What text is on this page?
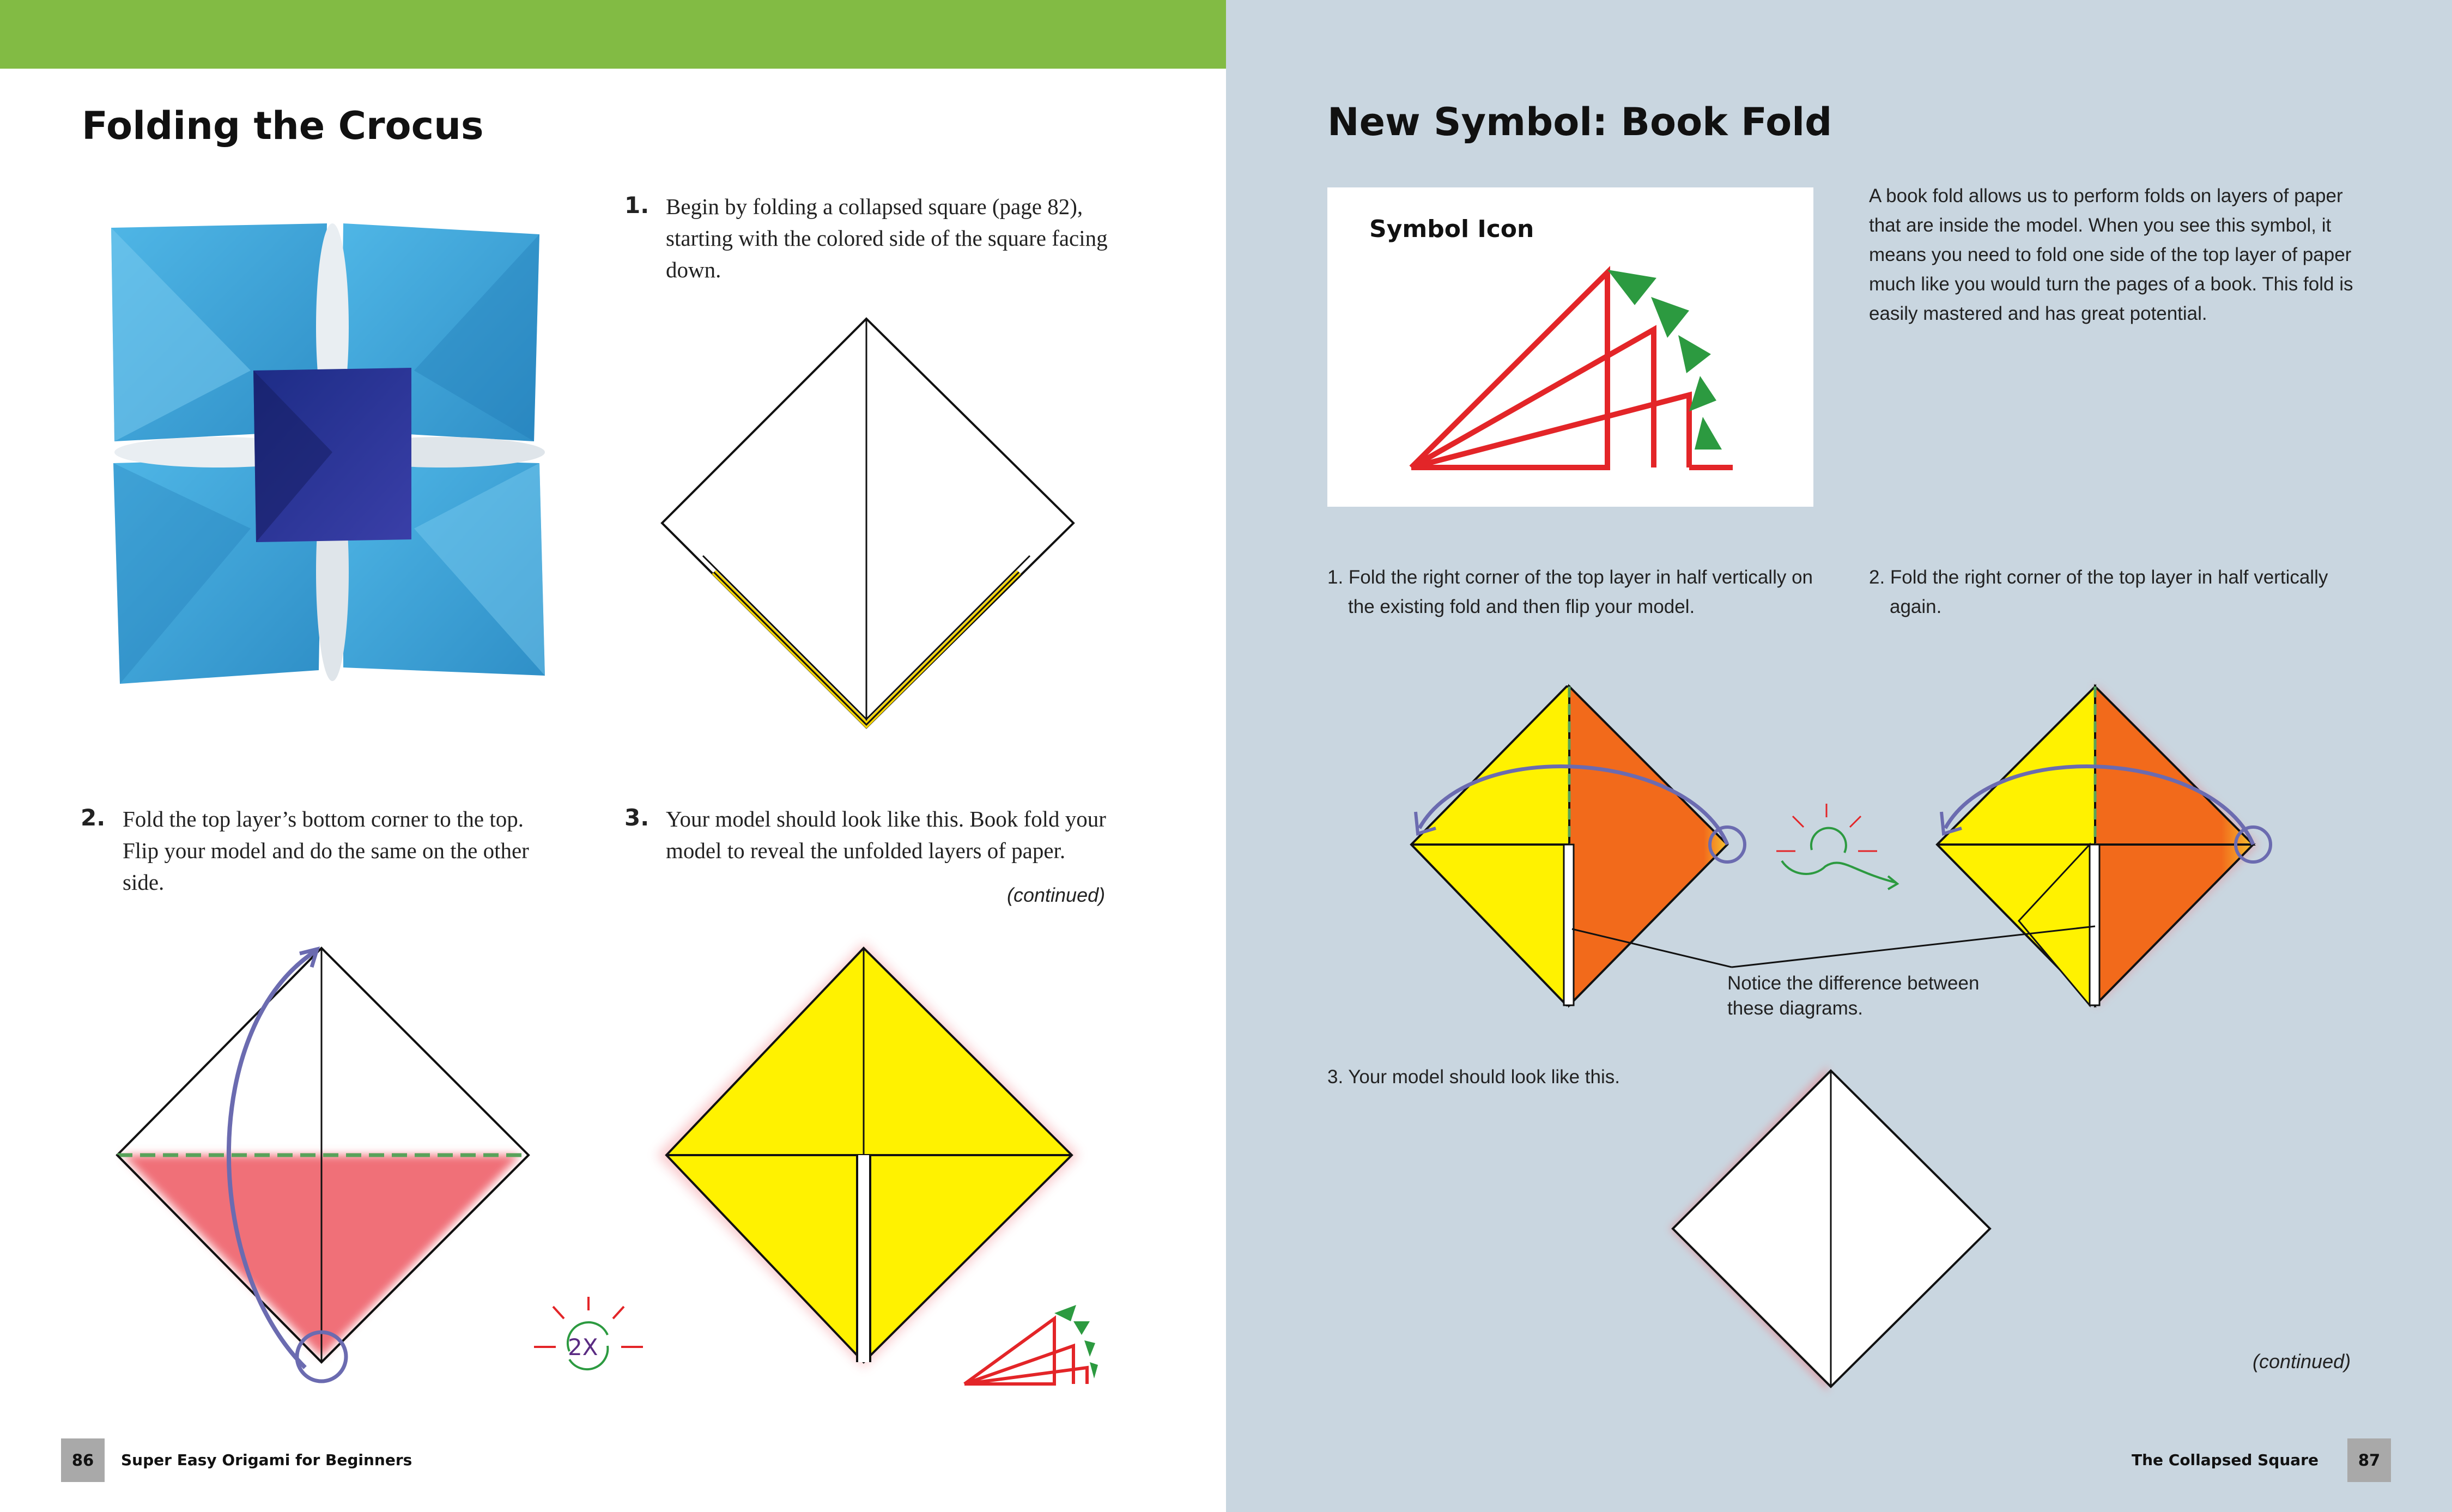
Folding the Crocus
1. Begin by folding a collapsed square (page 82), starting with the colored side of the square facing down.
2. Fold the top layer’s bottom corner to the top. Flip your model and do the same on the other side.
2X
3. Your model should look like this. Book fold your model to reveal the unfolded layers of paper.
(continued)
86	Super Easy Origami for Beginners
New Symbol: Book Fold
Symbol Icon
A book fold allows us to perform folds on layers of paper that are inside the model. When you see this symbol, it means you need to fold one side of the top layer of paper much like you would turn the pages of a book. This fold is easily mastered and has great potential.
1. Fold the right corner of the top layer in half vertically on the existing fold and then flip your model.
2. Fold the right corner of the top layer in half vertically again.
Notice the difference between these diagrams.
3. Your model should look like this.
(continued)
The Collapsed Square	87
